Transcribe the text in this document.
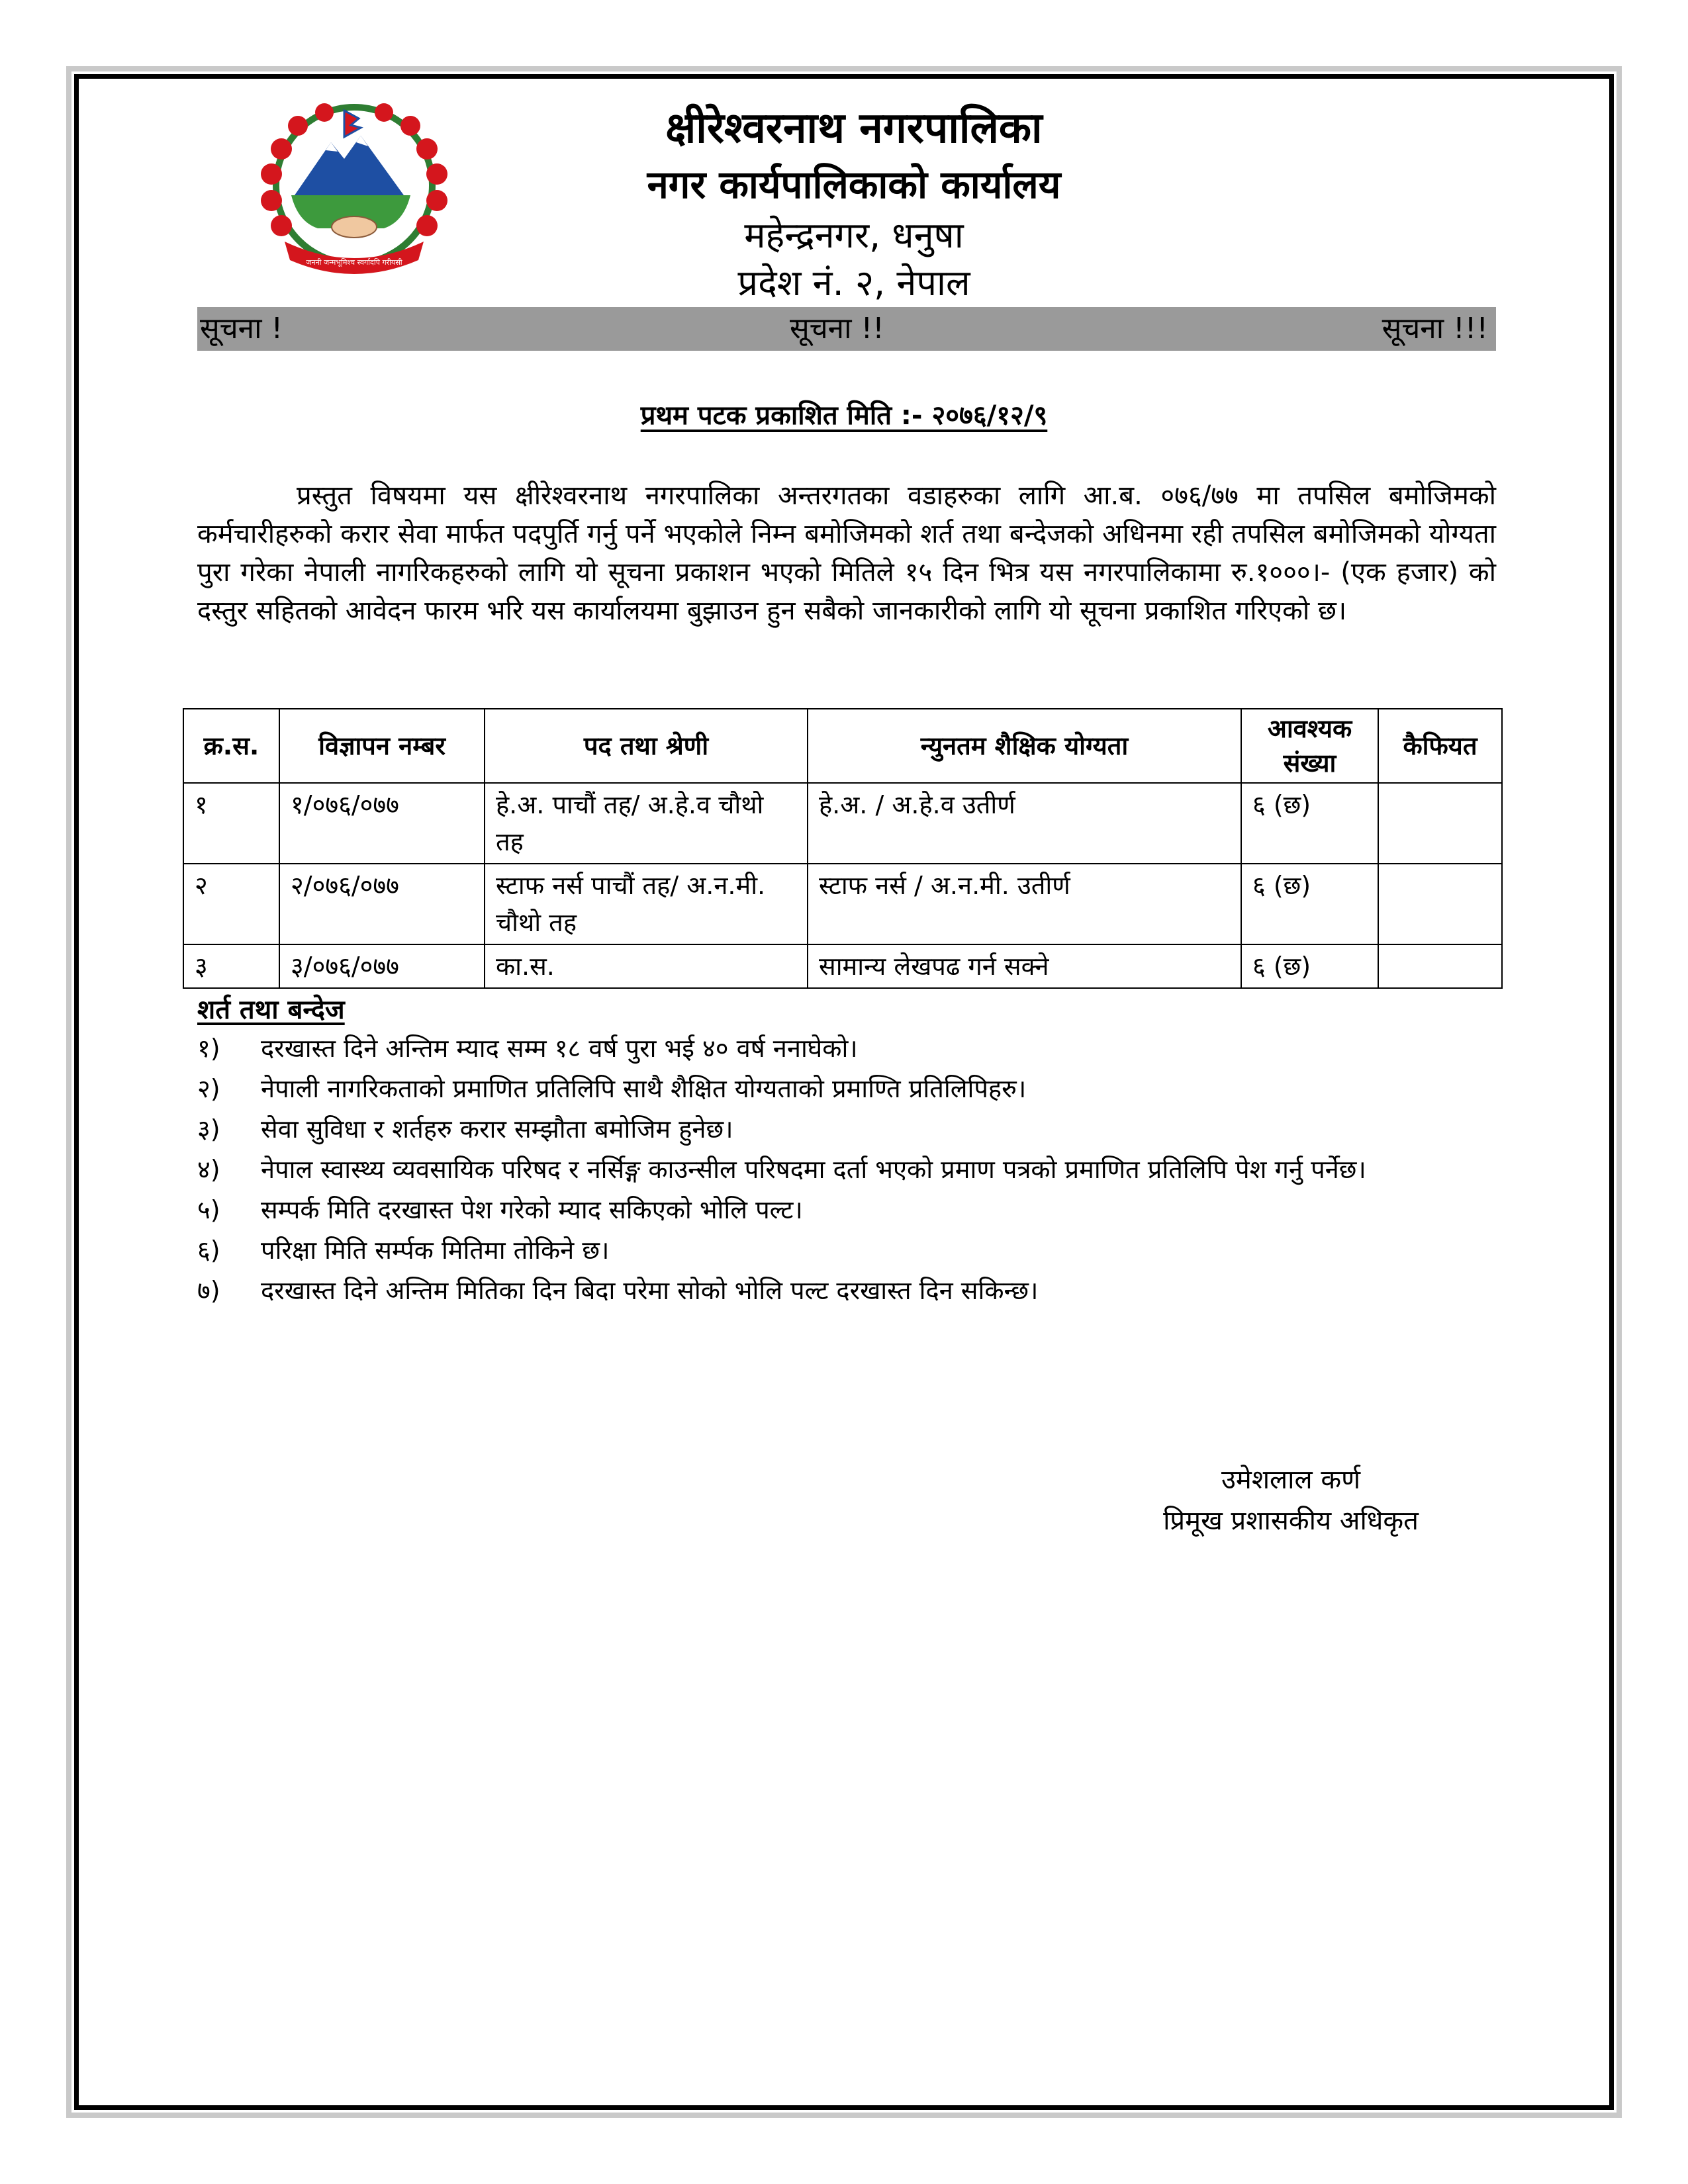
जननी जन्मभूमिश्च स्वर्गादपि गरीयसी
क्षीरेश्वरनाथ नगरपालिका
नगर कार्यपालिकाको कार्यालय
महेन्द्रनगर, धनुषा
प्रदेश नं. २, नेपाल
सूचना !	सूचना !!	सूचना !!!
प्रथम पटक प्रकाशित मिति :- २०७६/१२/९
प्रस्तुत विषयमा यस क्षीरेश्वरनाथ नगरपालिका अन्तरगतका वडाहरुका लागि आ.ब. ०७६/७७ मा तपसिल बमोजिमको कर्मचारीहरुको करार सेवा मार्फत पदपुर्ति गर्नु पर्ने भएकोले निम्न बमोजिमको शर्त तथा बन्देजको अधिनमा रही तपसिल बमोजिमको योग्यता पुरा गरेका नेपाली नागरिकहरुको लागि यो सूचना प्रकाशन भएको मितिले १५ दिन भित्र यस नगरपालिकामा रु.१०००।- (एक हजार) को दस्तुर सहितको आवेदन फारम भरि यस कार्यालयमा बुझाउन हुन सबैको जानकारीको लागि यो सूचना प्रकाशित गरिएको छ।
क्र.स.	विज्ञापन नम्बर	पद तथा श्रेणी	न्युनतम शैक्षिक योग्यता	आवश्यक संख्या	कैफियत
१	१/०७६/०७७	हे.अ. पाचौं तह/ अ.हे.व चौथो तह	हे.अ. / अ.हे.व उतीर्ण	६ (छ)	
२	२/०७६/०७७	स्टाफ नर्स पाचौं तह/ अ.न.मी. चौथो तह	स्टाफ नर्स / अ.न.मी. उतीर्ण	६ (छ)	
३	३/०७६/०७७	का.स.	सामान्य लेखपढ गर्न सक्ने	६ (छ)	
शर्त तथा बन्देज
१)	दरखास्त दिने अन्तिम म्याद सम्म १८ वर्ष पुरा भई ४० वर्ष ननाघेको।
२)	नेपाली नागरिकताको प्रमाणित प्रतिलिपि साथै शैक्षित योग्यताको प्रमाण्ति प्रतिलिपिहरु।
३)	सेवा सुविधा र शर्तहरु करार सम्झौता बमोजिम हुनेछ।
४)	नेपाल स्वास्थ्य व्यवसायिक परिषद र नर्सिङ्ग काउन्सील परिषदमा दर्ता भएको प्रमाण पत्रको प्रमाणित प्रतिलिपि पेश गर्नु पर्नेछ।
५)	सम्पर्क मिति दरखास्त पेश गरेको म्याद सकिएको भोलि पल्ट।
६)	परिक्षा मिति सर्म्पक मितिमा तोकिने छ।
७)	दरखास्त दिने अन्तिम मितिका दिन बिदा परेमा सोको भोलि पल्ट दरखास्त दिन सकिन्छ।
उमेशलाल कर्ण
प्रिमूख प्रशासकीय अधिकृत
